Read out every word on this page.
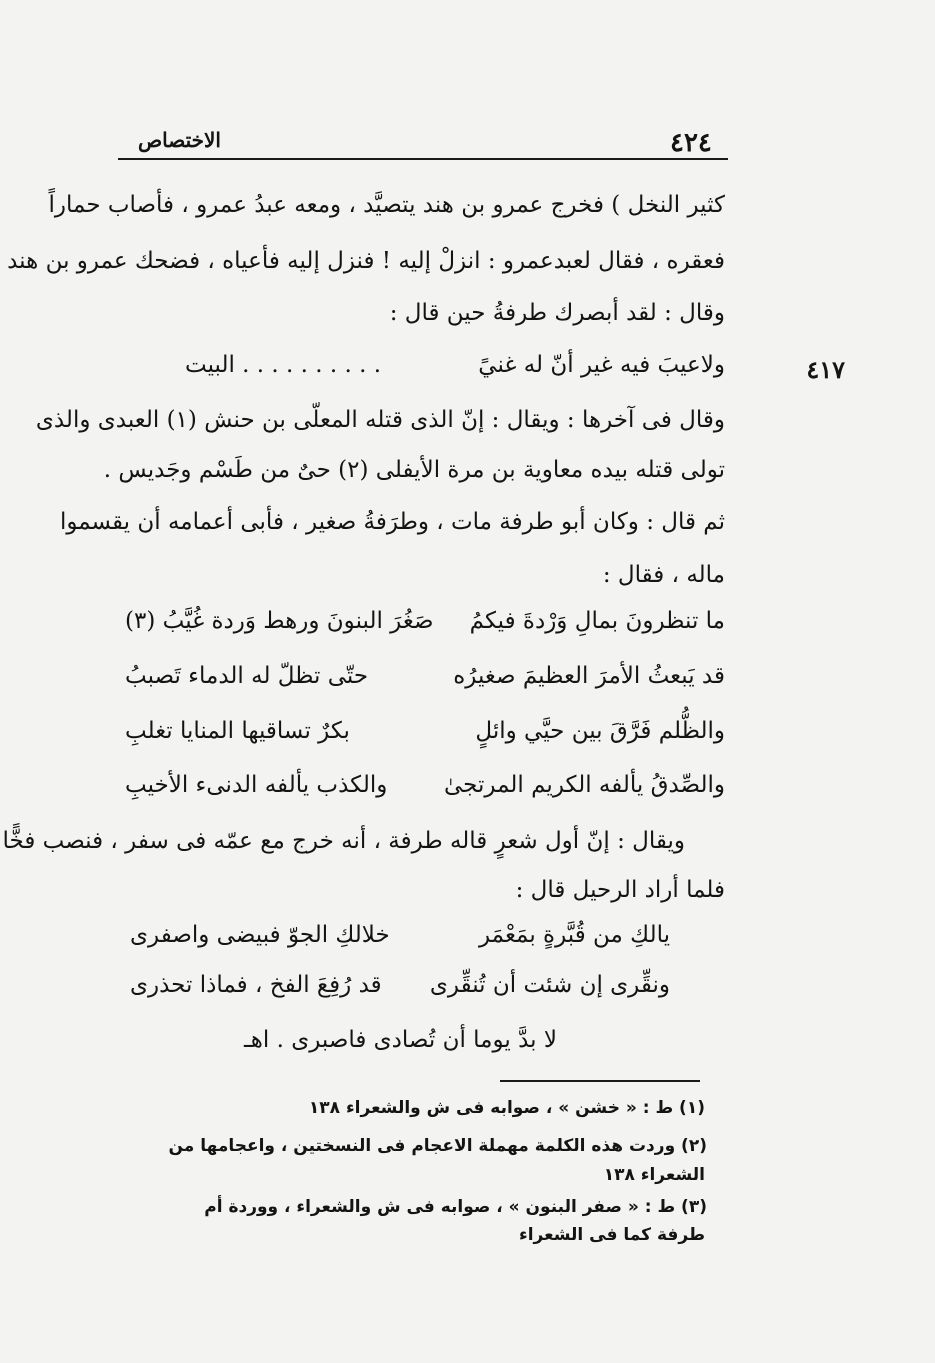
الاختصاص	٤٢٤
كثير النخل ) فخرج عمرو بن هند يتصيَّد ، ومعه عبدُ عمرو ، فأصاب حماراً
فعقره ، فقال لعبدعمرو : انزلْ إليه ! فنزل إليه فأعياه ، فضحك عمرو بن هند
وقال : لقد أبصرك طرفةُ حين قال :
٤١٧
ولاعيبَ فيه غير أنّ له غنيً
. . . . . . . . . . البيت
وقال فى آخرها : ويقال : إنّ الذى قتله المعلّى بن حنش (١) العبدى والذى
تولى قتله بيده معاوية بن مرة الأيفلى (٢) حىٌ من طَسْم وجَديس .
ثم قال : وكان أبو طرفة مات ، وطرَفةُ صغير ، فأبى أعمامه أن يقسموا
ماله ، فقال :
ما تنظرونَ بمالِ وَرْدةَ فيكمُ
صَغُرَ البنونَ ورهط وَردة غُيَّبُ (٣)
قد يَبعثُ الأمرَ العظيمَ صغيرُه
حتّى تظلّ له الدماء تَصببُ
والظُّلم فَرَّقَ بين حيَّي وائلٍ
بكرٌ تساقيها المنايا تغلبِ
والصِّدقُ يألفه الكريم المرتجىٰ
والكذب يألفه الدنىء الأخيبِ
ويقال : إنّ أول شعرٍ قاله طرفة ، أنه خرج مع عمّه فى سفر ، فنصب فخًّا
فلما أراد الرحيل قال :
يالكِ من قُبَّرةٍ بمَعْمَر
خلالكِ الجوّ فبيضى واصفرى
ونقِّرى إن شئت أن تُنقِّرى
قد رُفِعَ الفخ ، فماذا تحذرى
لا بدَّ يوما أن تُصادى فاصبرى . اهـ
(١) ط : « خشن » ، صوابه فى ش والشعراء ١٣٨
(٢) وردت هذه الكلمة مهملة الاعجام فى النسختين ، واعجامها من
الشعراء ١٣٨
(٣) ط : « صفر البنون » ، صوابه فى ش والشعراء ، ووردة أم
طرفة كما فى الشعراء
